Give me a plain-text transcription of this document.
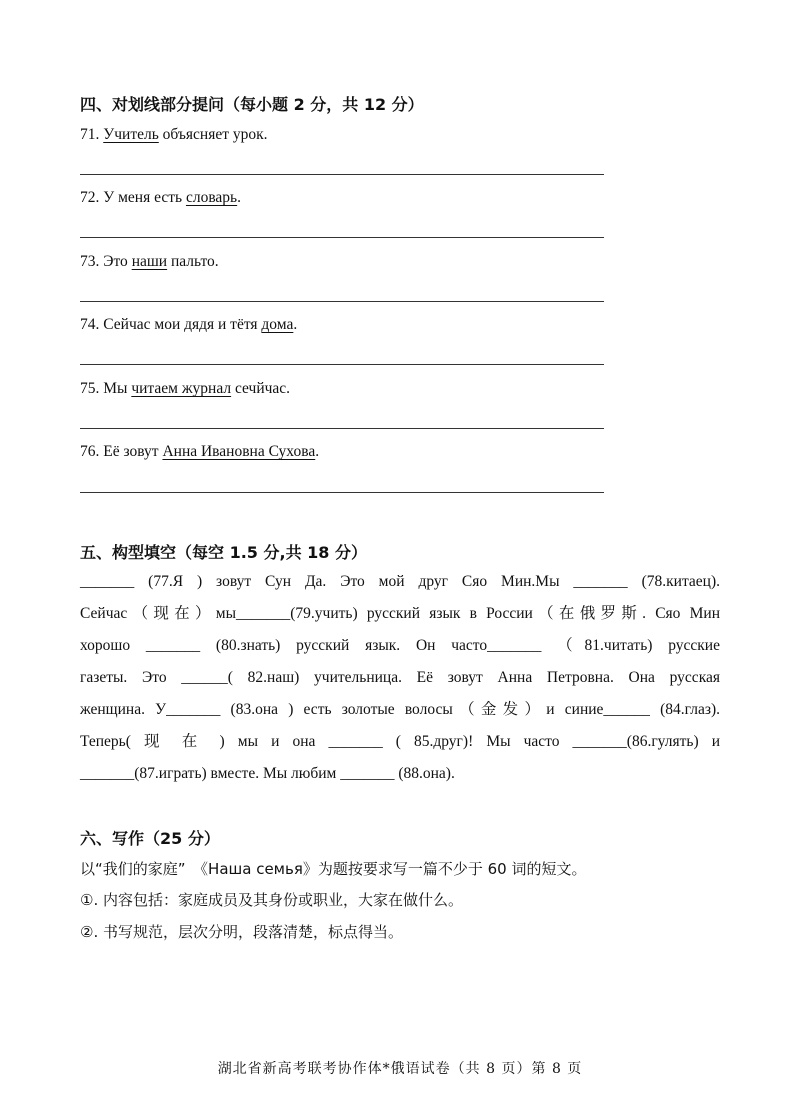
四、对划线部分提问（每小题 2 分，共 12 分）
71. Учитель объясняет урок.
72. У меня есть словарь.
73. Это наши пальто.
74. Сейчас мои дядя и тётя дома.
75. Мы читаем журнал сечйчас.
76. Её зовут Анна Ивановна Сухова.
五、构型填空（每空 1.5 分,共 18 分）
_______ (77.Я ) зовут Сун Да. Это мой друг Сяо Мин.Мы _______ (78.китаец).
Сейчас（现在）мы_______(79.учить) русский язык в России（在俄罗斯. Сяо Мин
хорошо _______ (80.знать) русский язык. Он часто_______ （81.читать) русские
газеты. Это ______( 82.наш) учительница. Её зовут Анна Петровна. Она русская
женщина. У_______ (83.она ) есть золотые волосы（金发）и синие______ (84.глаз).
Теперь( 现 在 ) мы и она _______ ( 85.друг)! Мы часто _______(86.гулять) и
_______(87.играть) вместе. Мы любим _______ (88.она).
六、写作（25 分）
以“我们的家庭”　《Наша семья》为题按要求写一篇不少于 60 词的短文。
①. 内容包括：家庭成员及其身份或职业，大家在做什么。
②. 书写规范，层次分明，段落清楚，标点得当。
湖北省新高考联考协作体*俄语试卷（共 8 页）第 8 页
